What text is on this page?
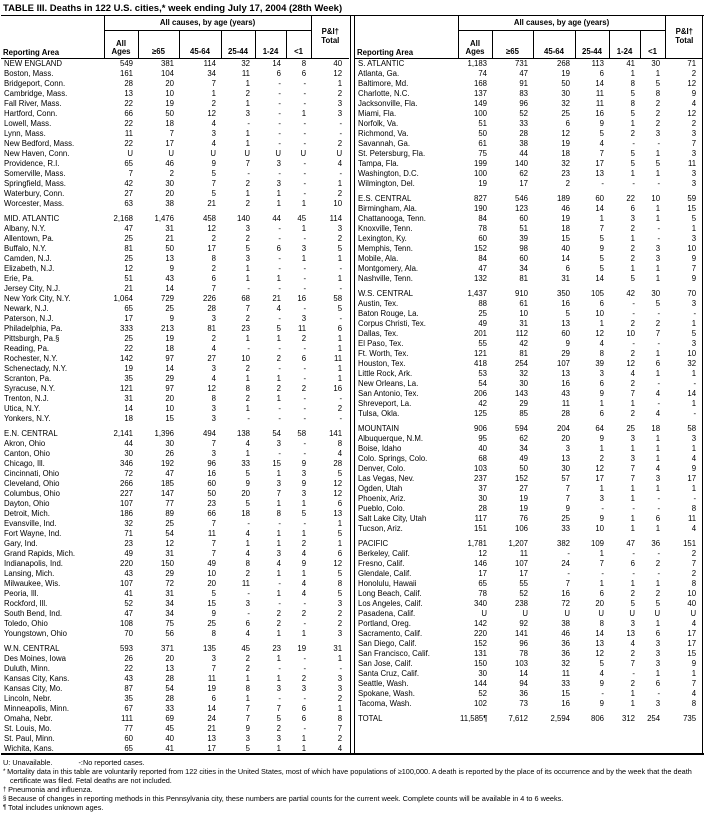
TABLE III. Deaths in 122 U.S. cities,* week ending July 17, 2004 (28th Week)
Reporting Area	All causes, by age (years)						P&I†
Total
	All
Ages	≥65	45-64	25-44	1-24	<1	
NEW ENGLAND	549	381	114	32	14	8	40
Boston, Mass.	161	104	34	11	6	6	12
Bridgeport, Conn.	28	20	7	1	-	-	1
Cambridge, Mass.	13	10	1	2	-	-	2
Fall River, Mass.	22	19	2	1	-	-	3
Hartford, Conn.	66	50	12	3	-	1	3
Lowell, Mass.	22	18	4	-	-	-	-
Lynn, Mass.	11	7	3	1	-	-	-
New Bedford, Mass.	22	17	4	1	-	-	2
New Haven, Conn.	U	U	U	U	U	U	U
Providence, R.I.	65	46	9	7	3	-	4
Somerville, Mass.	7	2	5	-	-	-	-
Springfield, Mass.	42	30	7	2	3	-	1
Waterbury, Conn.	27	20	5	1	1	-	2
Worcester, Mass.	63	38	21	2	1	1	10

MID. ATLANTIC	2,168	1,476	458	140	44	45	114
Albany, N.Y.	47	31	12	3	-	1	3
Allentown, Pa.	25	21	2	2	-	-	2
Buffalo, N.Y.	81	50	17	5	6	3	5
Camden, N.J.	25	13	8	3	-	1	1
Elizabeth, N.J.	12	9	2	1	-	-	-
Erie, Pa.	51	43	6	1	1	-	1
Jersey City, N.J.	21	14	7	-	-	-	-
New York City, N.Y.	1,064	729	226	68	21	16	58
Newark, N.J.	65	25	28	7	4	-	5
Paterson, N.J.	17	9	3	2	-	3	-
Philadelphia, Pa.	333	213	81	23	5	11	6
Pittsburgh, Pa.§	25	19	2	1	1	2	1
Reading, Pa.	22	18	4	-	-	-	1
Rochester, N.Y.	142	97	27	10	2	6	11
Schenectady, N.Y.	19	14	3	2	-	-	1
Scranton, Pa.	35	29	4	1	1	-	1
Syracuse, N.Y.	121	97	12	8	2	2	16
Trenton, N.J.	31	20	8	2	1	-	-
Utica, N.Y.	14	10	3	1	-	-	2
Yonkers, N.Y.	18	15	3	-	-	-	-

E.N. CENTRAL	2,141	1,396	494	138	54	58	141
Akron, Ohio	44	30	7	4	3	-	8
Canton, Ohio	30	26	3	1	-	-	4
Chicago, Ill.	346	192	96	33	15	9	28
Cincinnati, Ohio	72	47	16	5	1	3	5
Cleveland, Ohio	266	185	60	9	3	9	12
Columbus, Ohio	227	147	50	20	7	3	12
Dayton, Ohio	107	77	23	5	1	1	6
Detroit, Mich.	186	89	66	18	8	5	13
Evansville, Ind.	32	25	7	-	-	-	1
Fort Wayne, Ind.	71	54	11	4	1	1	5
Gary, Ind.	23	12	7	1	1	2	1
Grand Rapids, Mich.	49	31	7	4	3	4	6
Indianapolis, Ind.	220	150	49	8	4	9	12
Lansing, Mich.	43	29	10	2	1	1	5
Milwaukee, Wis.	107	72	20	11	-	4	8
Peoria, Ill.	41	31	5	-	1	4	5
Rockford, Ill.	52	34	15	3	-	-	3
South Bend, Ind.	47	34	9	-	2	2	2
Toledo, Ohio	108	75	25	6	2	-	2
Youngstown, Ohio	70	56	8	4	1	1	3

W.N. CENTRAL	593	371	135	45	23	19	31
Des Moines, Iowa	26	20	3	2	1	-	1
Duluth, Minn.	22	13	7	2	-	-	-
Kansas City, Kans.	43	28	11	1	1	2	3
Kansas City, Mo.	87	54	19	8	3	3	3
Lincoln, Nebr.	35	28	6	1	-	-	2
Minneapolis, Minn.	67	33	14	7	7	6	1
Omaha, Nebr.	111	69	24	7	5	6	8
St. Louis, Mo.	77	45	21	9	2	-	7
St. Paul, Minn.	60	40	13	3	3	1	2
Wichita, Kans.	65	41	17	5	1	1	4
Reporting Area	All causes, by age (years)						P&I†
Total
	All
Ages	≥65	45-64	25-44	1-24	<1	
S. ATLANTIC	1,183	731	268	113	41	30	71
Atlanta, Ga.	74	47	19	6	1	1	2
Baltimore, Md.	168	91	50	14	8	5	12
Charlotte, N.C.	137	83	30	11	5	8	9
Jacksonville, Fla.	149	96	32	11	8	2	4
Miami, Fla.	100	52	25	16	5	2	12
Norfolk, Va.	51	33	6	9	1	2	2
Richmond, Va.	50	28	12	5	2	3	3
Savannah, Ga.	61	38	19	4	-	-	7
St. Petersburg, Fla.	75	44	18	7	5	1	3
Tampa, Fla.	199	140	32	17	5	5	11
Washington, D.C.	100	62	23	13	1	1	3
Wilmington, Del.	19	17	2	-	-	-	3

E.S. CENTRAL	827	546	189	60	22	10	59
Birmingham, Ala.	190	123	46	14	6	1	15
Chattanooga, Tenn.	84	60	19	1	3	1	5
Knoxville, Tenn.	78	51	18	7	2	-	1
Lexington, Ky.	60	39	15	5	1	-	3
Memphis, Tenn.	152	98	40	9	2	3	10
Mobile, Ala.	84	60	14	5	2	3	9
Montgomery, Ala.	47	34	6	5	1	1	7
Nashville, Tenn.	132	81	31	14	5	1	9

W.S. CENTRAL	1,437	910	350	105	42	30	70
Austin, Tex.	88	61	16	6	-	5	3
Baton Rouge, La.	25	10	5	10	-	-	-
Corpus Christi, Tex.	49	31	13	1	2	2	1
Dallas, Tex.	201	112	60	12	10	7	5
El Paso, Tex.	55	42	9	4	-	-	3
Ft. Worth, Tex.	121	81	29	8	2	1	10
Houston, Tex.	418	254	107	39	12	6	32
Little Rock, Ark.	53	32	13	3	4	1	1
New Orleans, La.	54	30	16	6	2	-	-
San Antonio, Tex.	206	143	43	9	7	4	14
Shreveport, La.	42	29	11	1	1	-	1
Tulsa, Okla.	125	85	28	6	2	4	-

MOUNTAIN	906	594	204	64	25	18	58
Albuquerque, N.M.	95	62	20	9	3	1	3
Boise, Idaho	40	34	3	1	1	1	1
Colo. Springs, Colo.	68	49	13	2	3	1	4
Denver, Colo.	103	50	30	12	7	4	9
Las Vegas, Nev.	237	152	57	17	7	3	17
Ogden, Utah	37	27	7	1	1	1	1
Phoenix, Ariz.	30	19	7	3	1	-	-
Pueblo, Colo.	28	19	9	-	-	-	8
Salt Lake City, Utah	117	76	25	9	1	6	11
Tucson, Ariz.	151	106	33	10	1	1	4

PACIFIC	1,781	1,207	382	109	47	36	151
Berkeley, Calif.	12	11	-	1	-	-	2
Fresno, Calif.	146	107	24	7	6	2	7
Glendale, Calif.	17	17	-	-	-	-	2
Honolulu, Hawaii	65	55	7	1	1	1	8
Long Beach, Calif.	78	52	16	6	2	2	10
Los Angeles, Calif.	340	238	72	20	5	5	40
Pasadena, Calif.	U	U	U	U	U	U	U
Portland, Oreg.	142	92	38	8	3	1	4
Sacramento, Calif.	220	141	46	14	13	6	17
San Diego, Calif.	152	96	36	13	4	3	17
San Francisco, Calif.	131	78	36	12	2	3	15
San Jose, Calif.	150	103	32	5	7	3	9
Santa Cruz, Calif.	30	14	11	4	-	1	1
Seattle, Wash.	144	94	33	9	2	6	7
Spokane, Wash.	52	36	15	-	1	-	4
Tacoma, Wash.	102	73	16	9	1	3	8

TOTAL	11,585¶	7,612	2,594	806	312	254	735
U: Unavailable.	-:No reported cases.
* Mortality data in this table are voluntarily reported from 122 cities in the United States, most of which have populations of ≥100,000. A death is reported by the place of its occurrence and by the week that the death certificate was filed. Fetal deaths are not included.
† Pneumonia and influenza.
§ Because of changes in reporting methods in this Pennsylvania city, these numbers are partial counts for the current week. Complete counts will be available in 4 to 6 weeks.
¶ Total includes unknown ages.
